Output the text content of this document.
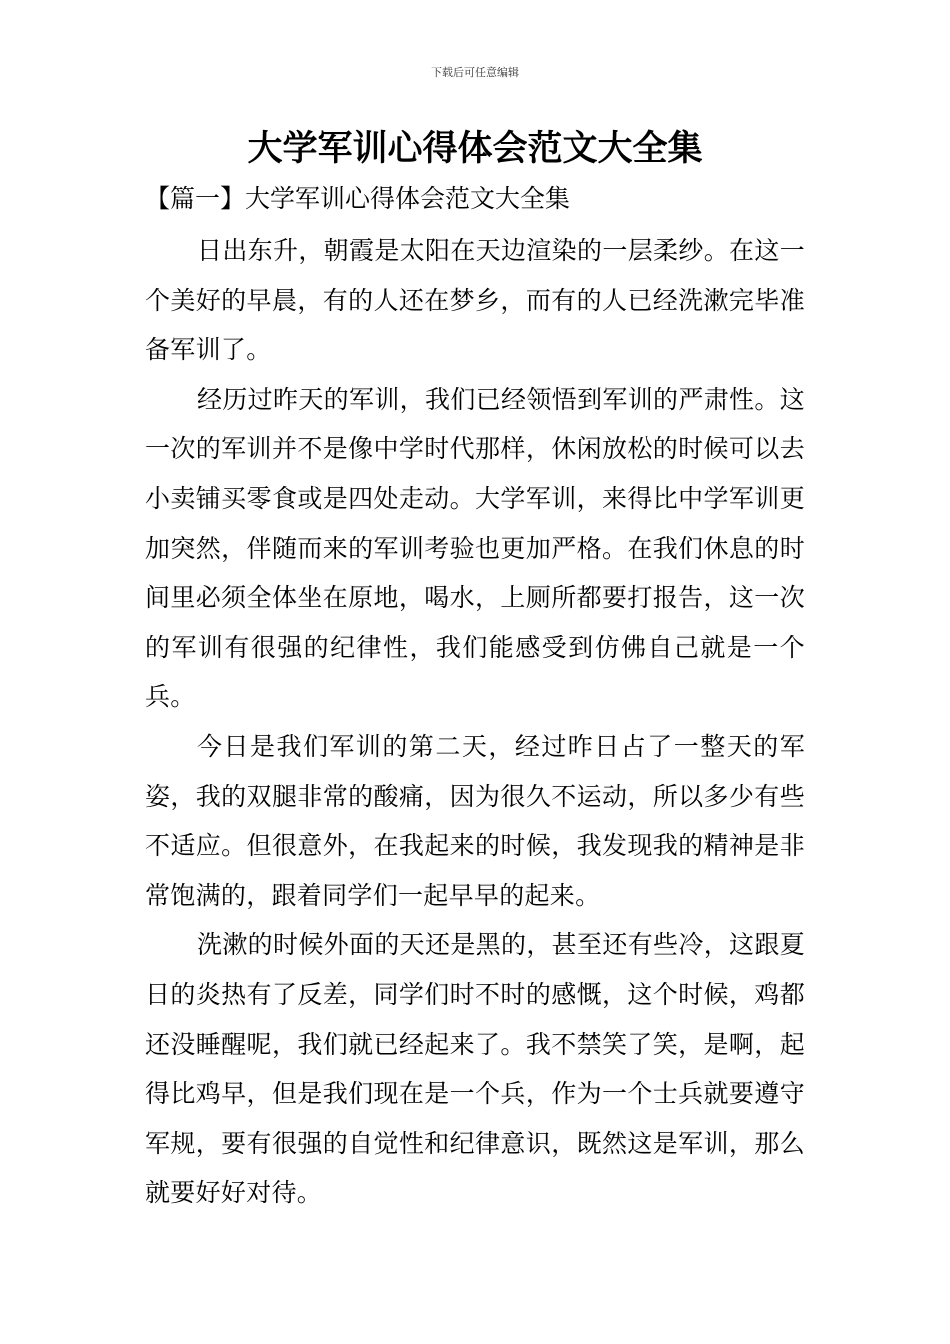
下载后可任意编辑
大学军训心得体会范文大全集
【篇一】大学军训心得体会范文大全集

日出东升，朝霞是太阳在天边渲染的一层柔纱。在这一个美好的早晨，有的人还在梦乡，而有的人已经洗漱完毕准备军训了。

经历过昨天的军训，我们已经领悟到军训的严肃性。这一次的军训并不是像中学时代那样，休闲放松的时候可以去小卖铺买零食或是四处走动。大学军训，来得比中学军训更加突然，伴随而来的军训考验也更加严格。在我们休息的时间里必须全体坐在原地，喝水，上厕所都要打报告，这一次的军训有很强的纪律性，我们能感受到仿佛自己就是一个兵。

今日是我们军训的第二天，经过昨日占了一整天的军姿，我的双腿非常的酸痛，因为很久不运动，所以多少有些不适应。但很意外，在我起来的时候，我发现我的精神是非常饱满的，跟着同学们一起早早的起来。

洗漱的时候外面的天还是黑的，甚至还有些冷，这跟夏日的炎热有了反差，同学们时不时的感慨，这个时候，鸡都还没睡醒呢，我们就已经起来了。我不禁笑了笑，是啊，起得比鸡早，但是我们现在是一个兵，作为一个士兵就要遵守军规，要有很强的自觉性和纪律意识，既然这是军训，那么就要好好对待。
